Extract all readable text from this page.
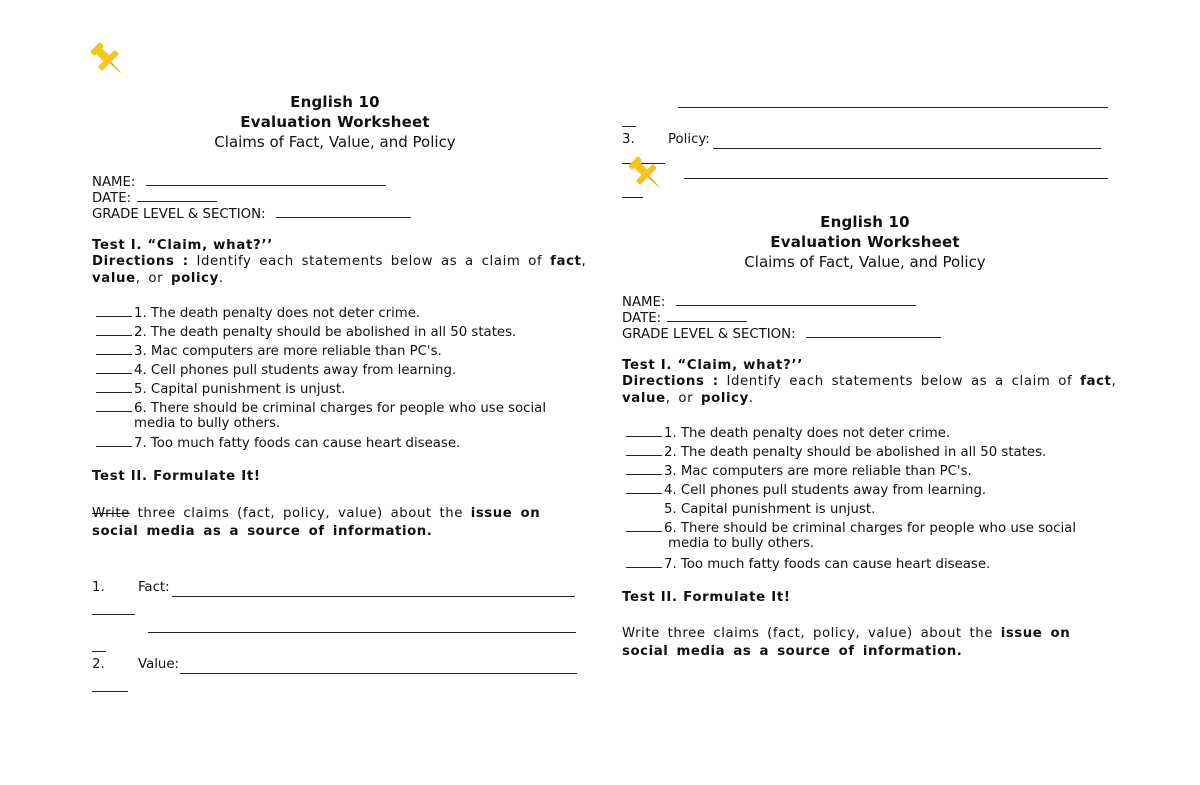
English 10
Evaluation Worksheet
Claims of Fact, Value, and Policy
NAME:
DATE:
GRADE LEVEL & SECTION:
Test I. “Claim, what?’’
Directions : Identify each statements below as a claim of fact,
value, or policy.
1. The death penalty does not deter crime.
2. The death penalty should be abolished in all 50 states.
3. Mac computers are more reliable than PC's.
4. Cell phones pull students away from learning.
5. Capital punishment is unjust.
6. There should be criminal charges for people who use social
media to bully others.
7. Too much fatty foods can cause heart disease.
Test II. Formulate It!
Write three claims (fact, policy, value) about the issue on social media as a source of information.
1.	Fact:
2.	Value:
3.	Policy:
English 10
Evaluation Worksheet
Claims of Fact, Value, and Policy
NAME:
DATE:
GRADE LEVEL & SECTION:
Test I. “Claim, what?’’
Directions : Identify each statements below as a claim of fact,
value, or policy.
1. The death penalty does not deter crime.
2. The death penalty should be abolished in all 50 states.
3. Mac computers are more reliable than PC's.
4. Cell phones pull students away from learning.
5. Capital punishment is unjust.
6. There should be criminal charges for people who use social
media to bully others.
7. Too much fatty foods can cause heart disease.
Test II. Formulate It!
Write three claims (fact, policy, value) about the issue on social media as a source of information.
